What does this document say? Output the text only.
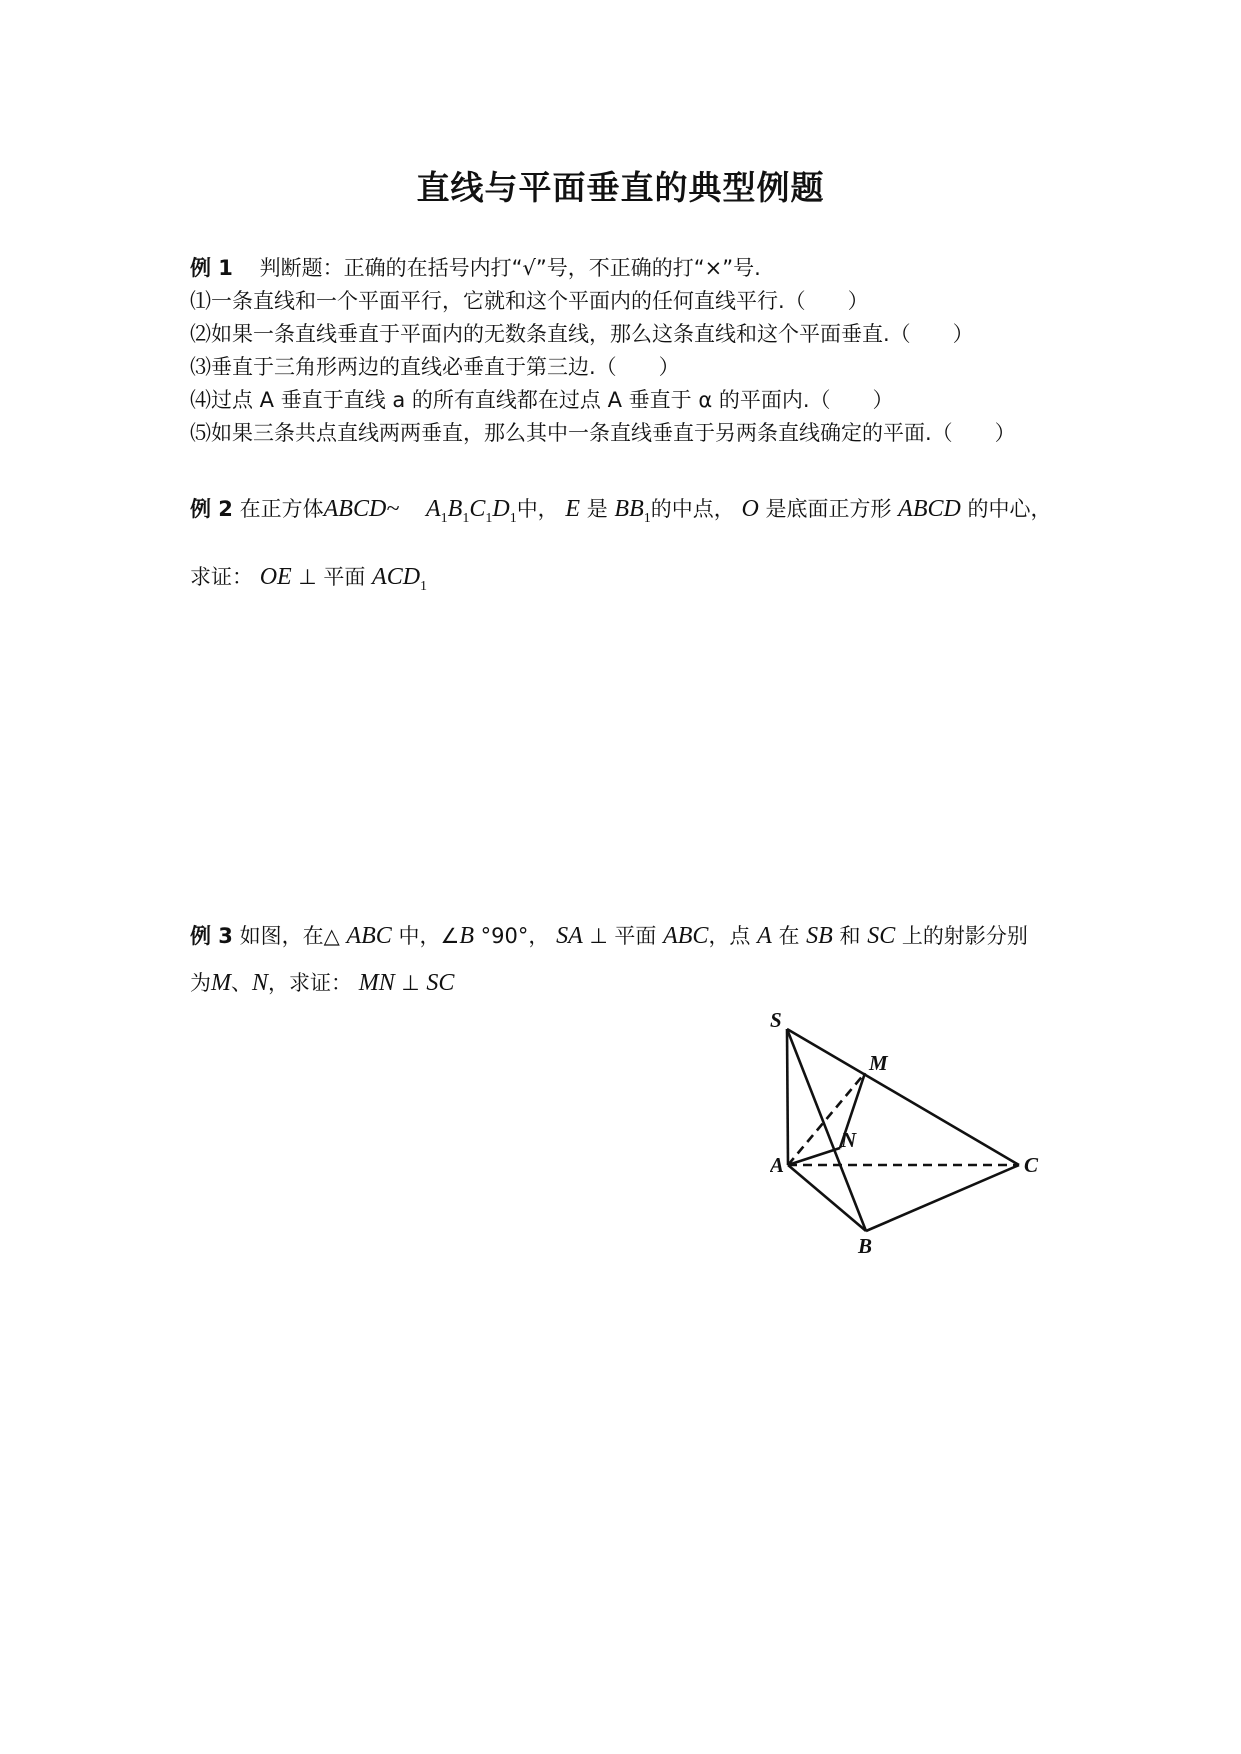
直线与平面垂直的典型例题
例 1 判断题：正确的在括号内打“√”号，不正确的打“×”号.
⑴一条直线和一个平面平行，它就和这个平面内的任何直线平行.（　　）
⑵如果一条直线垂直于平面内的无数条直线，那么这条直线和这个平面垂直.（　　）
⑶垂直于三角形两边的直线必垂直于第三边.（　　）
⑷过点 A 垂直于直线 a 的所有直线都在过点 A 垂直于 α 的平面内.（　　）
⑸如果三条共点直线两两垂直，那么其中一条直线垂直于另两条直线确定的平面.（　　）
例 2 在正方体ABCD~ $A_1B_1C_1D_1$中， E 是 $BB_1$的中点， O 是底面正方形 ABCD 的中心，
求证： OE ⊥ 平面 $ACD_1$
例 3 如图，在△ ABC 中，∠B °90°， SA ⊥ 平面 ABC，点 A 在 SB 和 SC 上的射影分别
为M、N，求证： MN ⊥ SC
S
M
N
A	C
B
